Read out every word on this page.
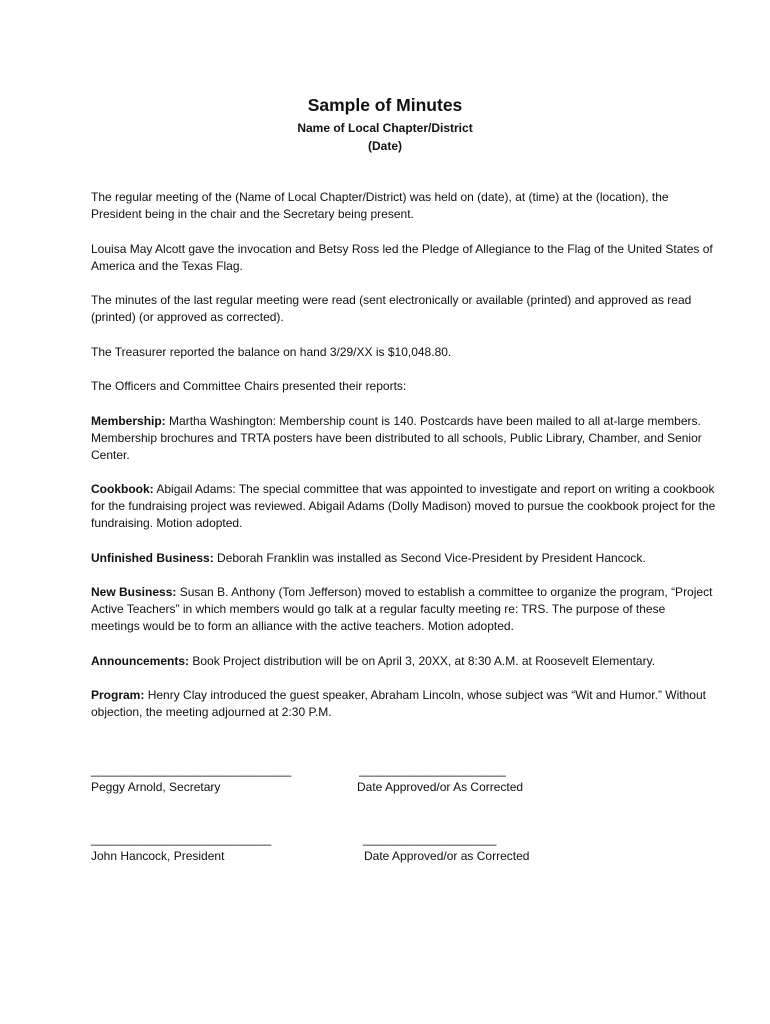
Sample of Minutes
Name of Local Chapter/District
(Date)

The regular meeting of the (Name of Local Chapter/District) was held on (date), at (time) at the (location), the President being in the chair and the Secretary being present.

Louisa May Alcott gave the invocation and Betsy Ross led the Pledge of Allegiance to the Flag of the United States of America and the Texas Flag.

The minutes of the last regular meeting were read (sent electronically or available (printed) and approved as read (printed) (or approved as corrected).

The Treasurer reported the balance on hand 3/29/XX is $10,048.80.

The Officers and Committee Chairs presented their reports:

Membership: Martha Washington: Membership count is 140. Postcards have been mailed to all at-large members. Membership brochures and TRTA posters have been distributed to all schools, Public Library, Chamber, and Senior Center.

Cookbook: Abigail Adams: The special committee that was appointed to investigate and report on writing a cookbook for the fundraising project was reviewed. Abigail Adams (Dolly Madison) moved to pursue the cookbook project for the fundraising. Motion adopted.

Unfinished Business: Deborah Franklin was installed as Second Vice-President by President Hancock.

New Business: Susan B. Anthony (Tom Jefferson) moved to establish a committee to organize the program, “Project Active Teachers” in which members would go talk at a regular faculty meeting re: TRS. The purpose of these meetings would be to form an alliance with the active teachers. Motion adopted.

Announcements: Book Project distribution will be on April 3, 20XX, at 8:30 A.M. at Roosevelt Elementary.

Program: Henry Clay introduced the guest speaker, Abraham Lincoln, whose subject was “Wit and Humor.” Without objection, the meeting adjourned at 2:30 P.M.

______________________________
Peggy Arnold, Secretary
______________________
Date Approved/or As Corrected
___________________________
John Hancock, President
____________________
Date Approved/or as Corrected
